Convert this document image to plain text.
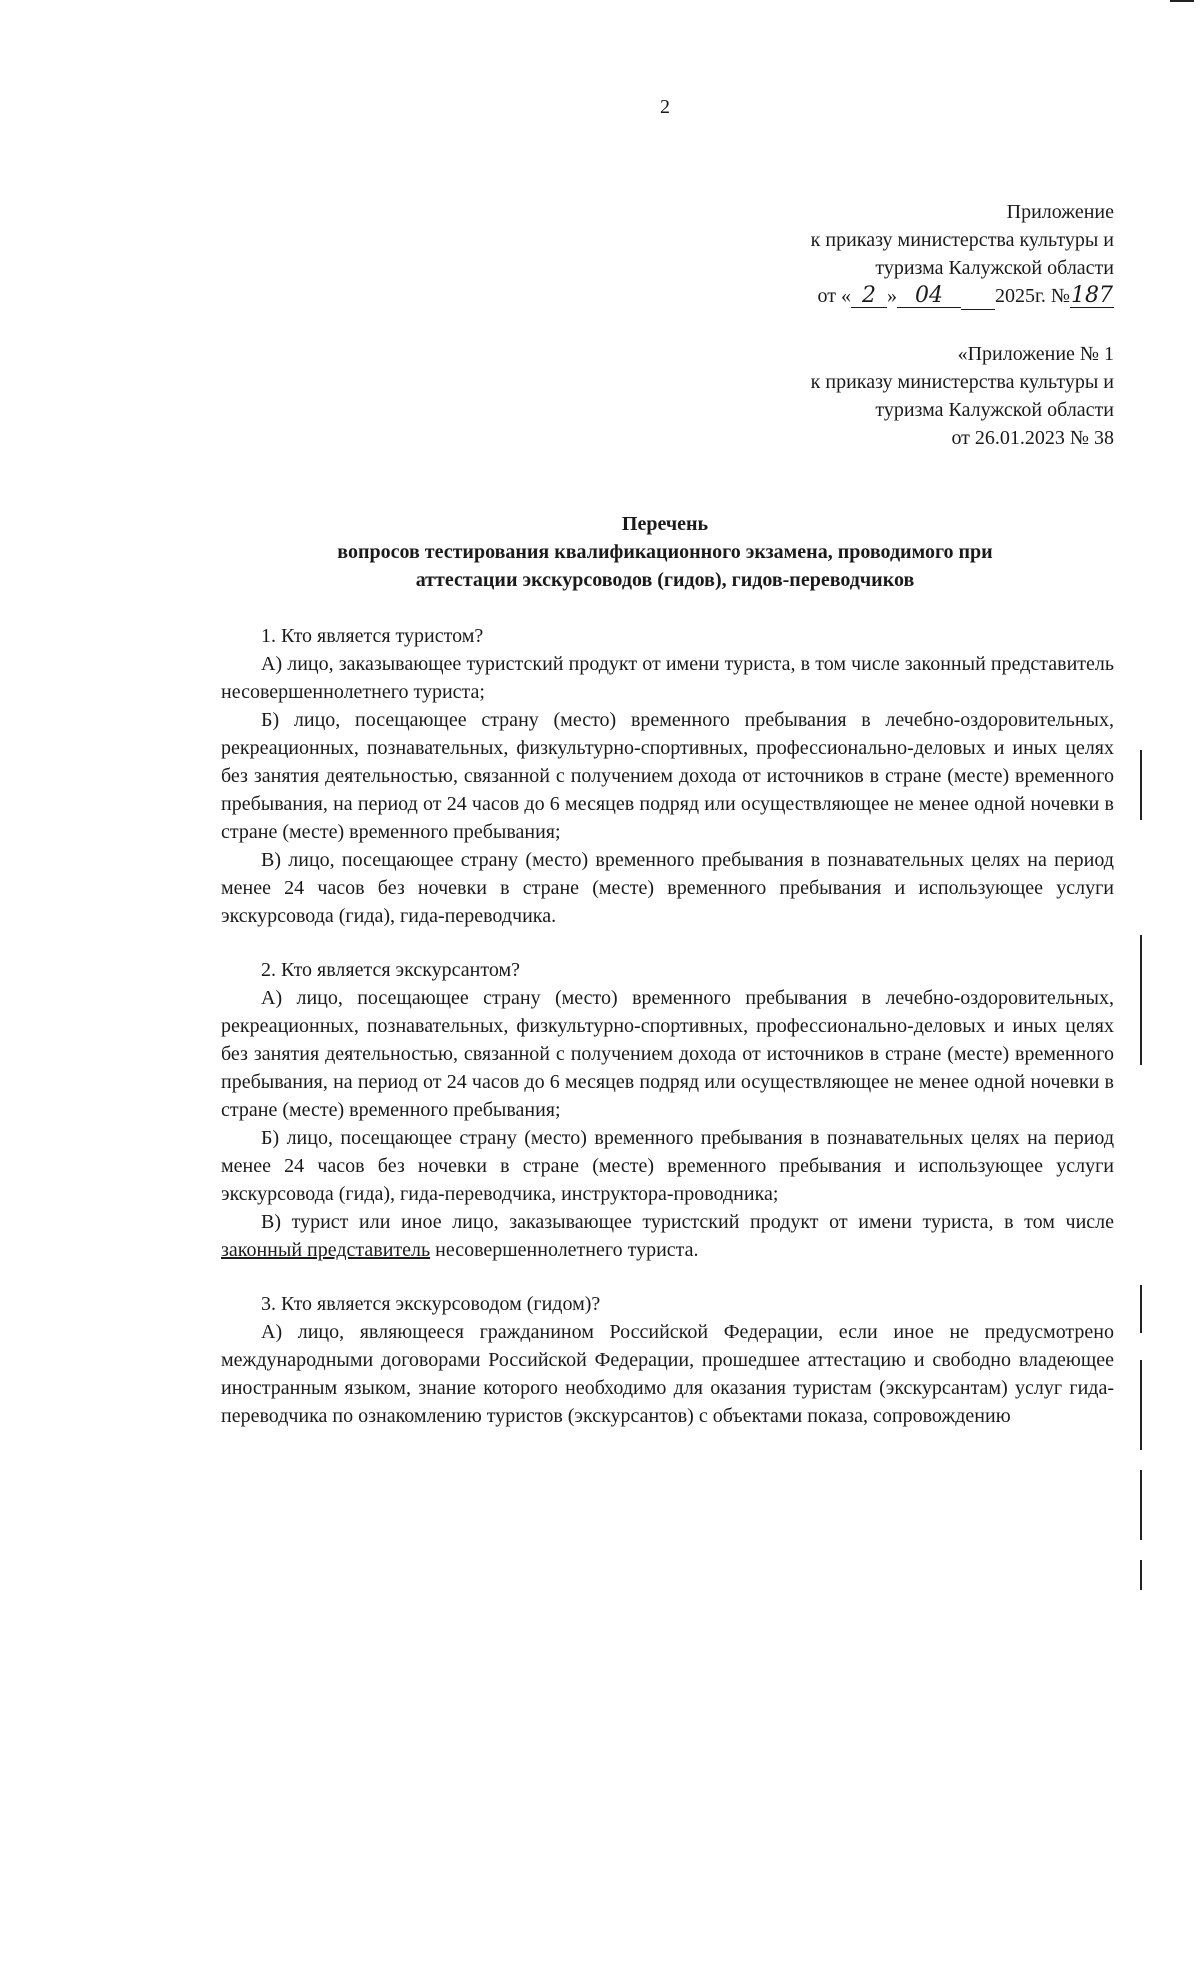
2
Приложение
к приказу министерства культуры и
туризма Калужской области
от « 2 » 04	2025г. №187
«Приложение № 1
к приказу министерства культуры и
туризма Калужской области
от 26.01.2023 № 38
Перечень
вопросов тестирования квалификационного экзамена, проводимого при
аттестации экскурсоводов (гидов), гидов-переводчиков

1. Кто является туристом?

А) лицо, заказывающее туристский продукт от имени туриста, в том числе законный представитель несовершеннолетнего туриста;

Б) лицо, посещающее страну (место) временного пребывания в лечебно-оздоровительных, рекреационных, познавательных, физкультурно-спортивных, профессионально-деловых и иных целях без занятия деятельностью, связанной с получением дохода от источников в стране (месте) временного пребывания, на период от 24 часов до 6 месяцев подряд или осуществляющее не менее одной ночевки в стране (месте) временного пребывания;

В) лицо, посещающее страну (место) временного пребывания в познавательных целях на период менее 24 часов без ночевки в стране (месте) временного пребывания и использующее услуги экскурсовода (гида), гида-переводчика.

2. Кто является экскурсантом?

А) лицо, посещающее страну (место) временного пребывания в лечебно-оздоровительных, рекреационных, познавательных, физкультурно-спортивных, профессионально-деловых и иных целях без занятия деятельностью, связанной с получением дохода от источников в стране (месте) временного пребывания, на период от 24 часов до 6 месяцев подряд или осуществляющее не менее одной ночевки в стране (месте) временного пребывания;

Б) лицо, посещающее страну (место) временного пребывания в познавательных целях на период менее 24 часов без ночевки в стране (месте) временного пребывания и использующее услуги экскурсовода (гида), гида-переводчика, инструктора-проводника;

В) турист или иное лицо, заказывающее туристский продукт от имени туриста, в том числе законный представитель несовершеннолетнего туриста.

3. Кто является экскурсоводом (гидом)?

А) лицо, являющееся гражданином Российской Федерации, если иное не предусмотрено международными договорами Российской Федерации, прошедшее аттестацию и свободно владеющее иностранным языком, знание которого необходимо для оказания туристам (экскурсантам) услуг гида-переводчика по ознакомлению туристов (экскурсантов) с объектами показа, сопровождению
